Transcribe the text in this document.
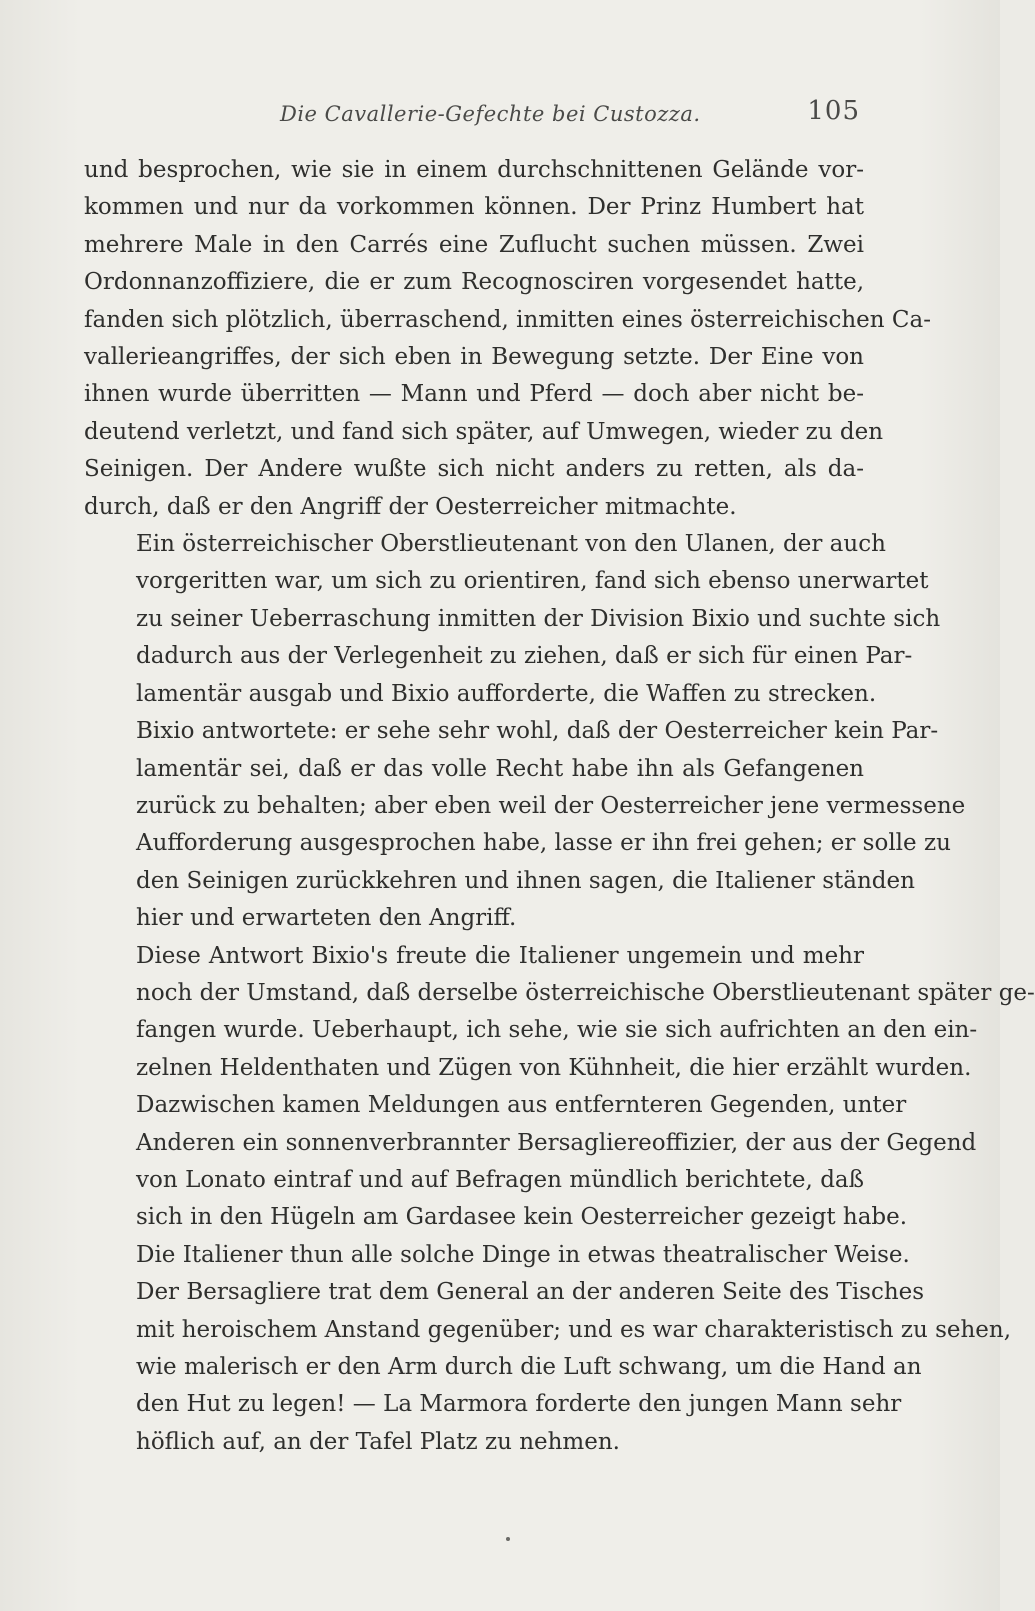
Die Cavallerie-Gefechte bei Custozza.	105

und besprochen, wie sie in einem durchschnittenen Gelände vor-
kommen und nur da vorkommen können. Der Prinz Humbert hat
mehrere Male in den Carrés eine Zuflucht suchen müssen. Zwei
Ordonnanzoffiziere, die er zum Recognosciren vorgesendet hatte,
fanden sich plötzlich, überraschend, inmitten eines österreichischen Ca-
vallerieangriffes, der sich eben in Bewegung setzte. Der Eine von
ihnen wurde überritten — Mann und Pferd — doch aber nicht be-
deutend verletzt, und fand sich später, auf Umwegen, wieder zu den
Seinigen. Der Andere wußte sich nicht anders zu retten, als da-
durch, daß er den Angriff der Oesterreicher mitmachte.

Ein österreichischer Oberstlieutenant von den Ulanen, der auch
vorgeritten war, um sich zu orientiren, fand sich ebenso unerwartet
zu seiner Ueberraschung inmitten der Division Bixio und suchte sich
dadurch aus der Verlegenheit zu ziehen, daß er sich für einen Par-
lamentär ausgab und Bixio aufforderte, die Waffen zu strecken.
Bixio antwortete: er sehe sehr wohl, daß der Oesterreicher kein Par-
lamentär sei, daß er das volle Recht habe ihn als Gefangenen
zurück zu behalten; aber eben weil der Oesterreicher jene vermessene
Aufforderung ausgesprochen habe, lasse er ihn frei gehen; er solle zu
den Seinigen zurückkehren und ihnen sagen, die Italiener ständen
hier und erwarteten den Angriff.

Diese Antwort Bixio's freute die Italiener ungemein und mehr
noch der Umstand, daß derselbe österreichische Oberstlieutenant später ge-
fangen wurde. Ueberhaupt, ich sehe, wie sie sich aufrichten an den ein-
zelnen Heldenthaten und Zügen von Kühnheit, die hier erzählt wurden.

Dazwischen kamen Meldungen aus entfernteren Gegenden, unter
Anderen ein sonnenverbrannter Bersagliereoffizier, der aus der Gegend
von Lonato eintraf und auf Befragen mündlich berichtete, daß
sich in den Hügeln am Gardasee kein Oesterreicher gezeigt habe.
Die Italiener thun alle solche Dinge in etwas theatralischer Weise.
Der Bersagliere trat dem General an der anderen Seite des Tisches
mit heroischem Anstand gegenüber; und es war charakteristisch zu sehen,
wie malerisch er den Arm durch die Luft schwang, um die Hand an
den Hut zu legen! — La Marmora forderte den jungen Mann sehr
höflich auf, an der Tafel Platz zu nehmen.
